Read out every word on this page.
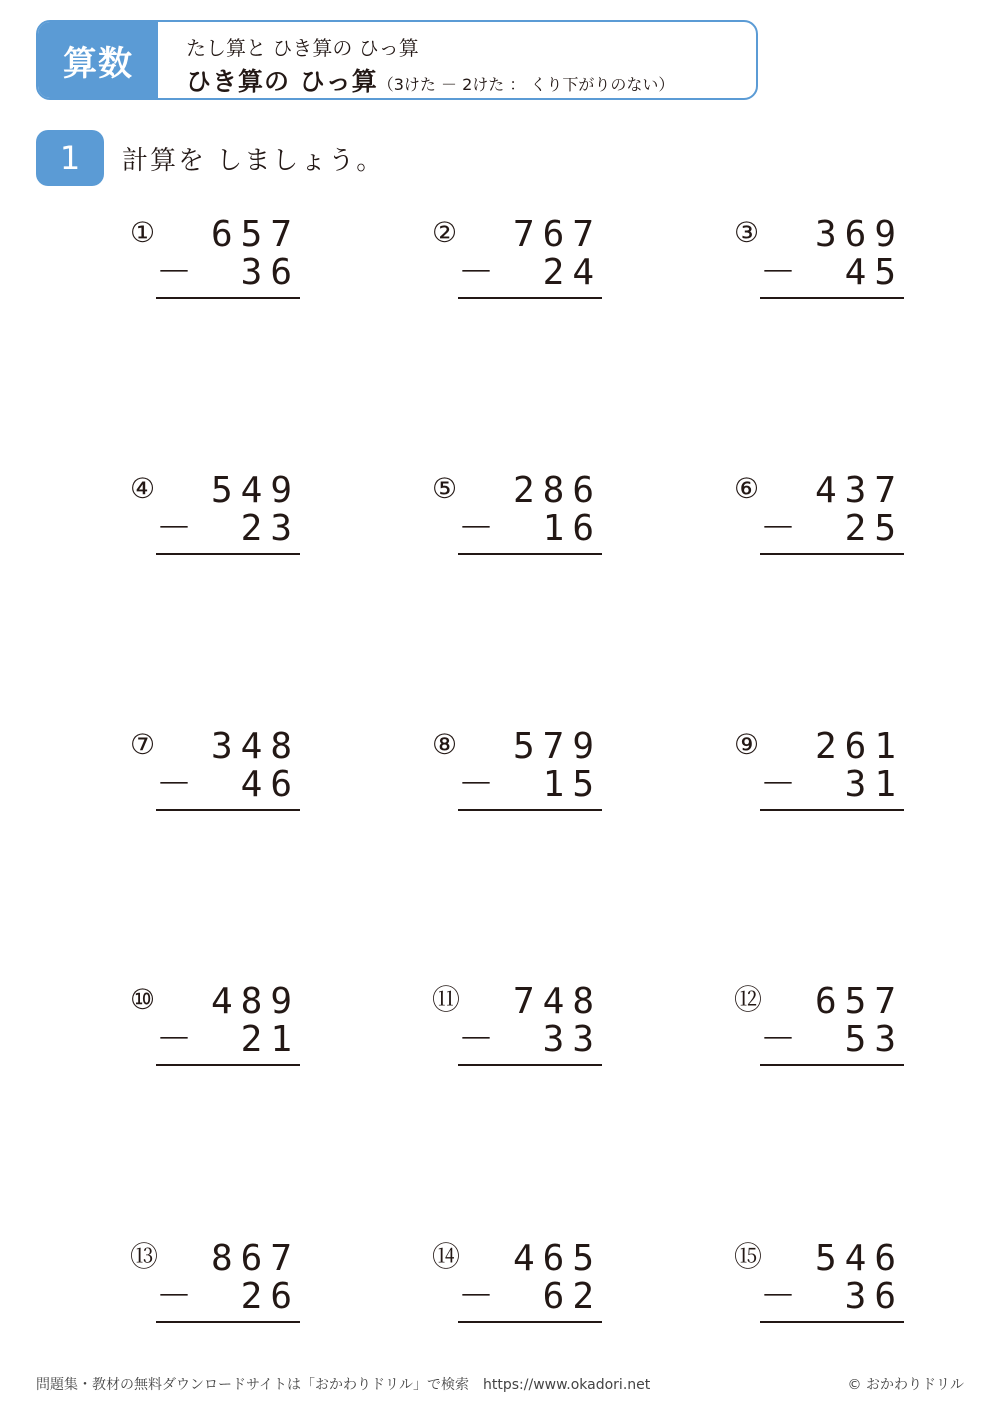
算数	たし算と ひき算の ひっ算
ひき算の ひっ算（3けた － 2けた ： くり下がりのない）
1	計算を しましょう。
① 657
－ 36
② 767
－ 24
③ 369
－ 45
④ 549
－ 23
⑤ 286
－ 16
⑥ 437
－ 25
⑦ 348
－ 46
⑧ 579
－ 15
⑨ 261
－ 31
⑩ 489
－ 21
⑪ 748
－ 33
⑫ 657
－ 53
⑬ 867
－ 26
⑭ 465
－ 62
⑮ 546
－ 36
問題集・教材の無料ダウンロードサイトは「おかわりドリル」で検索　https://www.okadori.net	© おかわりドリル
